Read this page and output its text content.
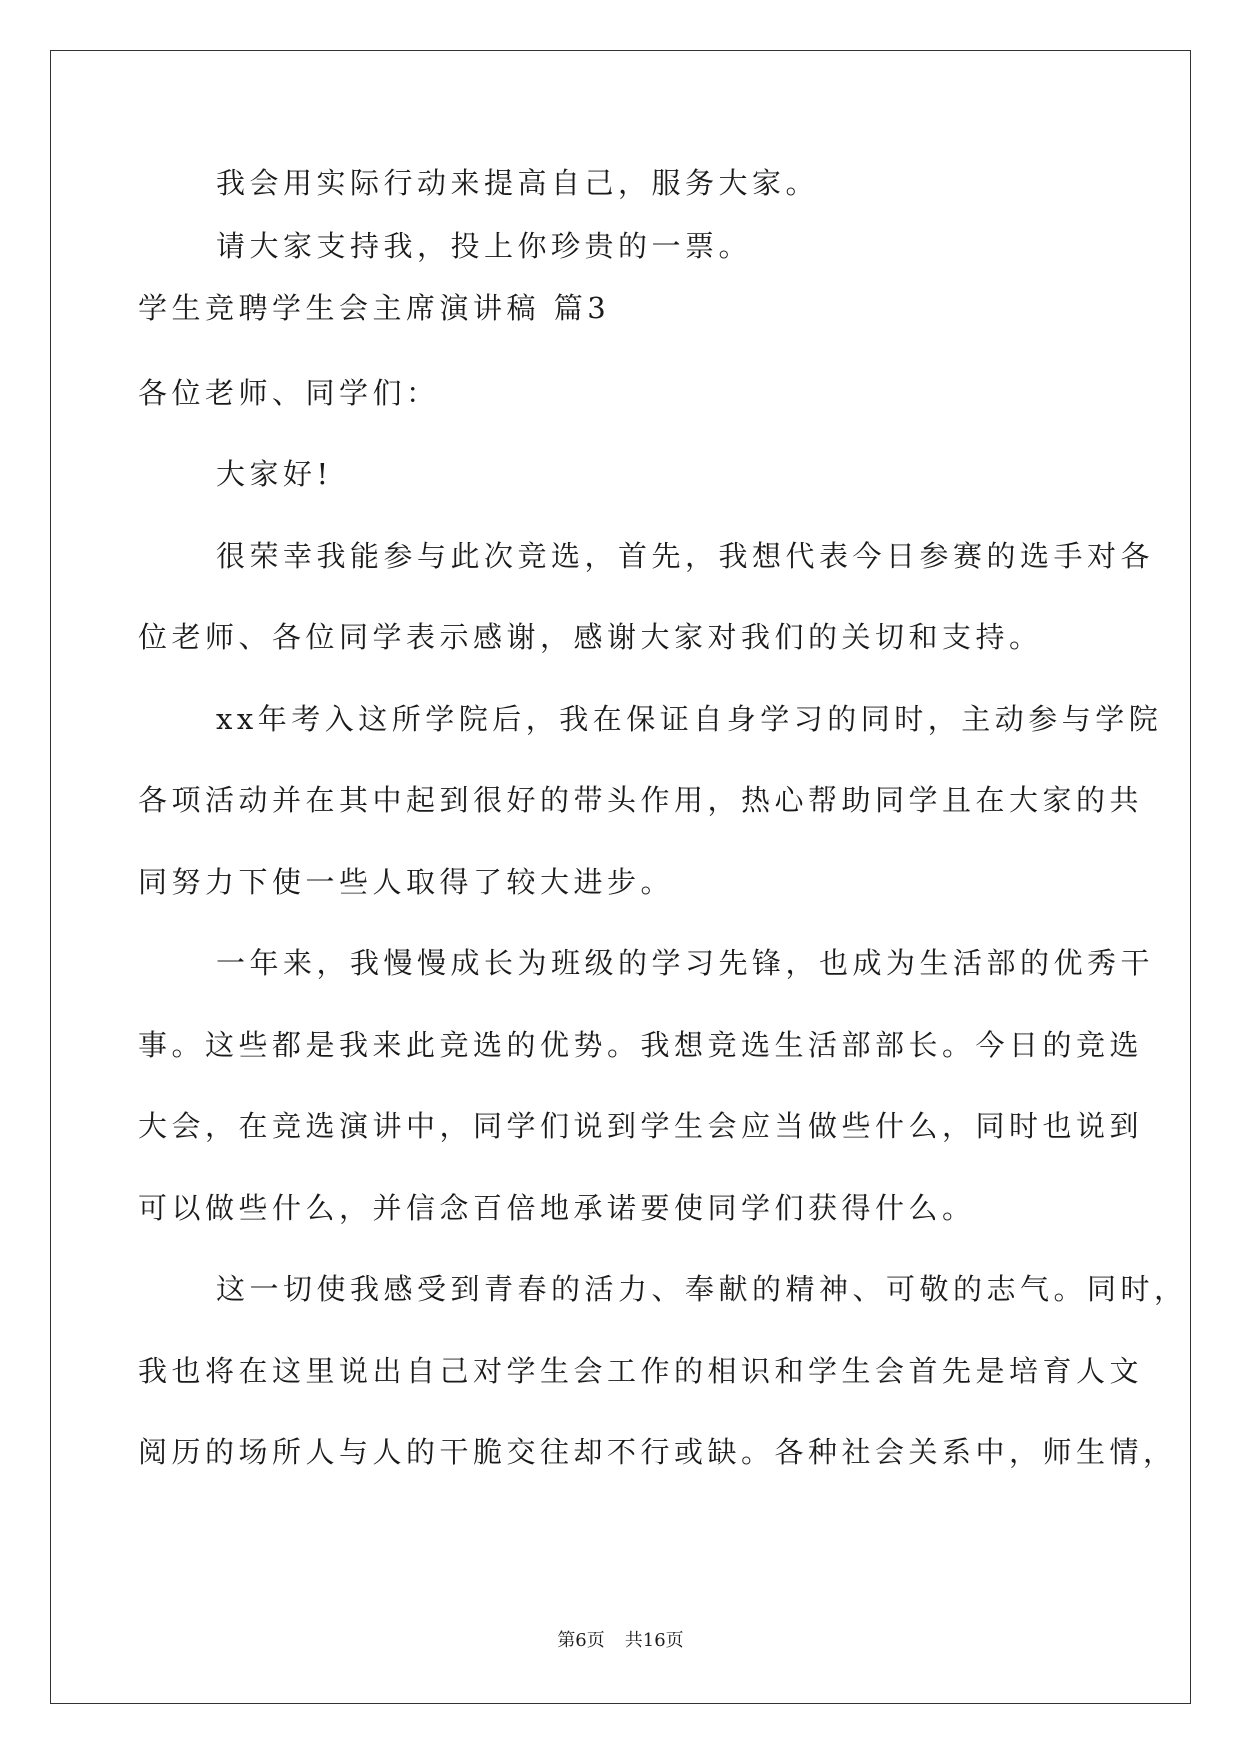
我会用实际行动来提高自己，服务大家。
请大家支持我，投上你珍贵的一票。
学生竞聘学生会主席演讲稿 篇3
各位老师、同学们：
大家好!
很荣幸我能参与此次竞选，首先，我想代表今日参赛的选手对各
位老师、各位同学表示感谢，感谢大家对我们的关切和支持。
xx年考入这所学院后，我在保证自身学习的同时，主动参与学院
各项活动并在其中起到很好的带头作用，热心帮助同学且在大家的共
同努力下使一些人取得了较大进步。
一年来，我慢慢成长为班级的学习先锋，也成为生活部的优秀干
事。这些都是我来此竞选的优势。我想竞选生活部部长。今日的竞选
大会，在竞选演讲中，同学们说到学生会应当做些什么，同时也说到
可以做些什么，并信念百倍地承诺要使同学们获得什么。
这一切使我感受到青春的活力、奉献的精神、可敬的志气。同时，
我也将在这里说出自己对学生会工作的相识和学生会首先是培育人文
阅历的场所人与人的干脆交往却不行或缺。各种社会关系中，师生情，
第6页 共16页
